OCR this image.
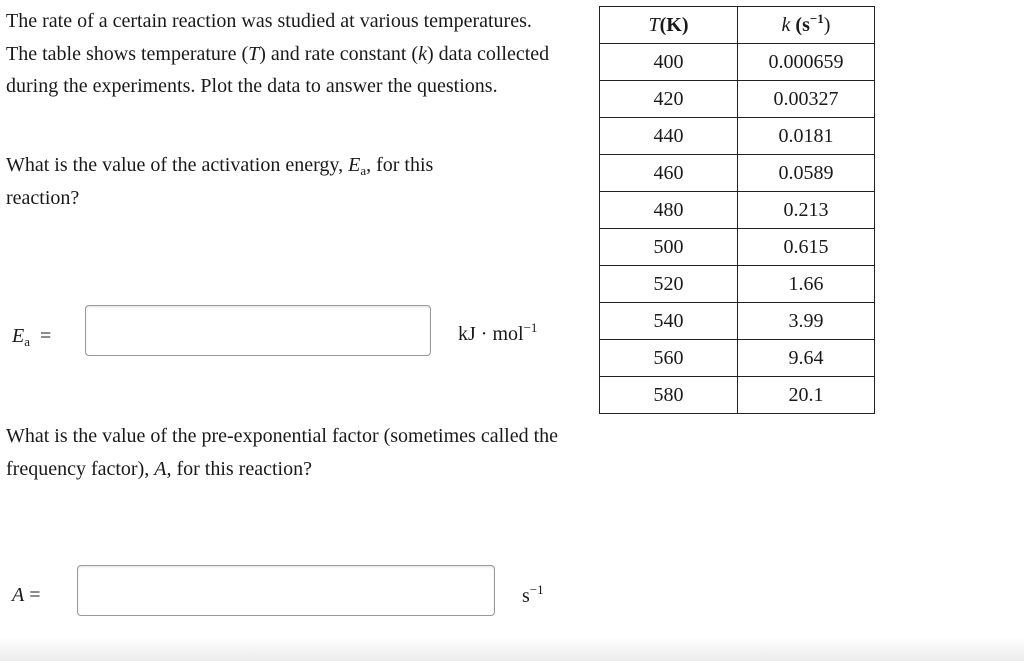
The rate of a certain reaction was studied at various temperatures. The table shows temperature (T) and rate constant (k) data collected during the experiments. Plot the data to answer the questions.

What is the value of the activation energy, $E_a$, for this reaction?

$E_a$ =	kJ · mol$^{-1}$

What is the value of the pre-exponential factor (sometimes called the frequency factor), A, for this reaction?

A =	$s^{-1}$
T(K)	k $(s^{-1})$
400	0.000659
420	0.00327
440	0.0181
460	0.0589
480	0.213
500	0.615
520	1.66
540	3.99
560	9.64
580	20.1
